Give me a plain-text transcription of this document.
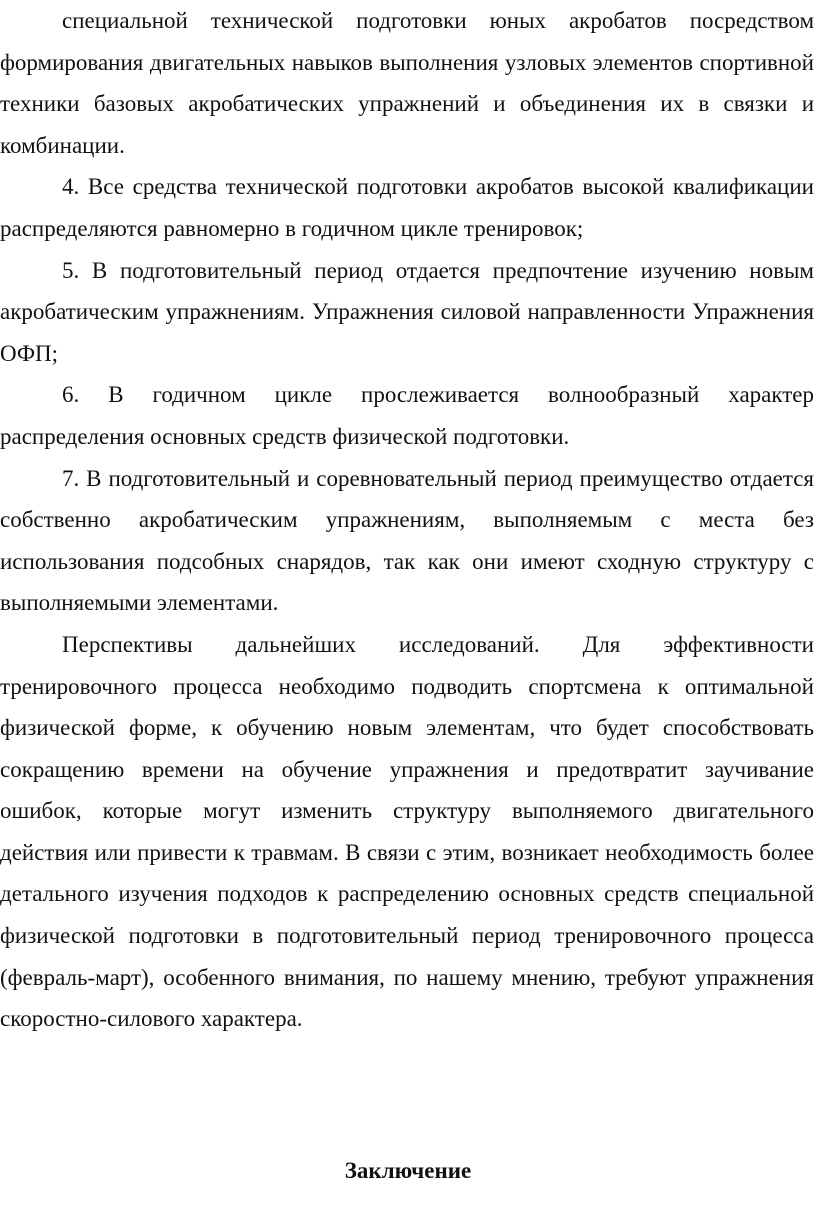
специальной технической подготовки юных акробатов посредством формирования двигательных навыков выполнения узловых элементов спортивной техники базовых акробатических упражнений и объединения их в связки и комбинации.

4. Все средства технической подготовки акробатов высокой квалификации распределяются равномерно в годичном цикле тренировок;

5. В подготовительный период отдается предпочтение изучению новым акробатическим упражнениям. Упражнения силовой направленности Упражнения ОФП;

6. В годичном цикле прослеживается волнообразный характер распределения основных средств физической подготовки.

7. В подготовительный и соревновательный период преимущество отдается собственно акробатическим упражнениям, выполняемым с места без использования подсобных снарядов, так как они имеют сходную структуру с выполняемыми элементами.

Перспективы дальнейших исследований. Для эффективности тренировочного процесса необходимо подводить спортсмена к оптимальной физической форме, к обучению новым элементам, что будет способствовать сокращению времени на обучение упражнения и предотвратит заучивание ошибок, которые могут изменить структуру выполняемого двигательного действия или привести к травмам. В связи с этим, возникает необходимость более детального изучения подходов к распределению основных средств специальной физической подготовки в подготовительный период тренировочного процесса (февраль-март), особенного внимания, по нашему мнению, требуют упражнения скоростно-силового характера.

Заключение
